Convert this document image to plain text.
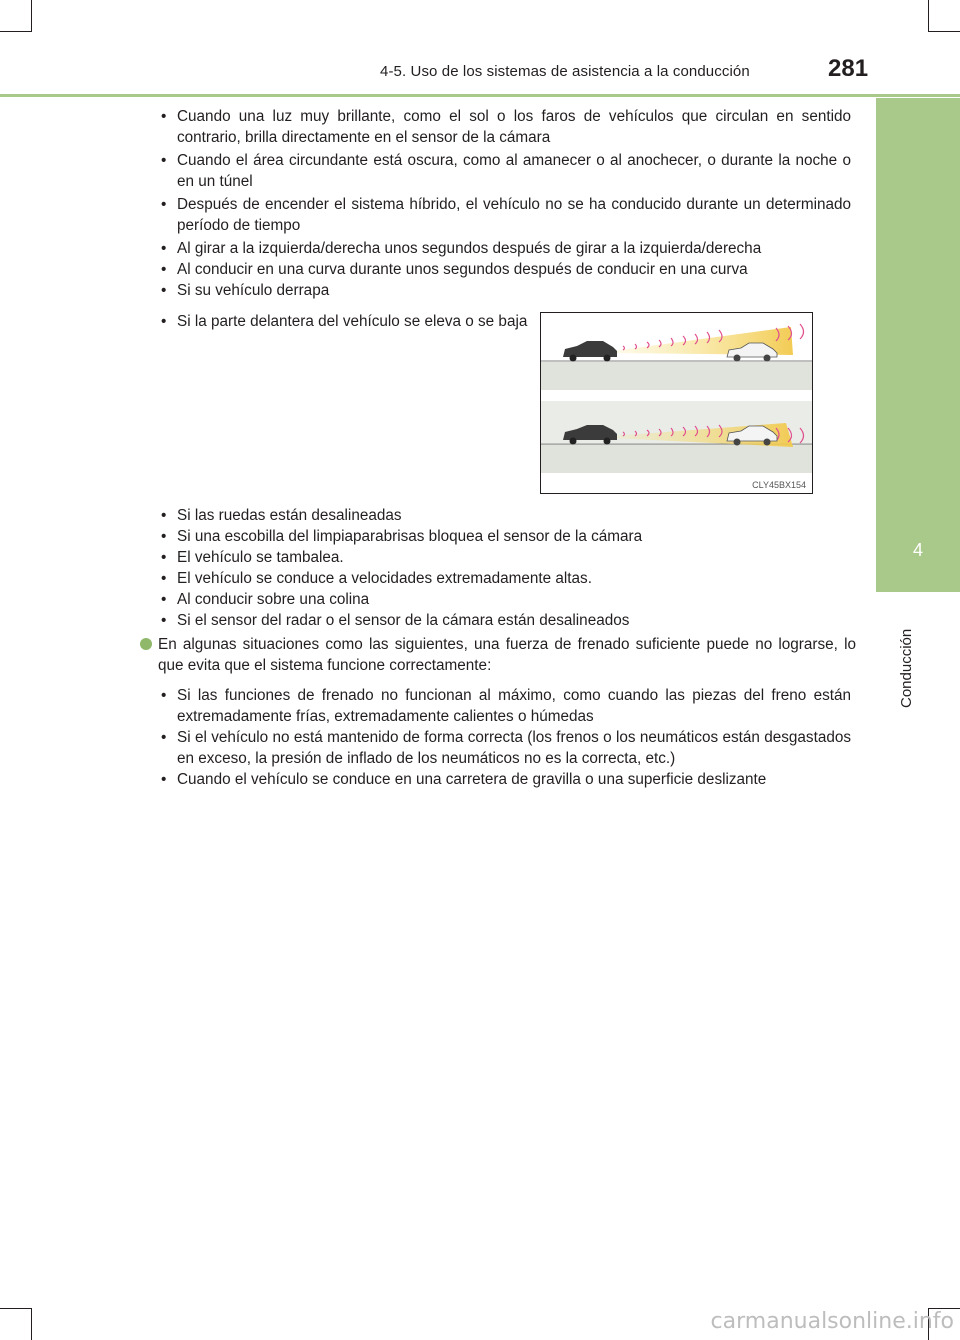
4-5. Uso de los sistemas de asistencia a la conducción	281
4
Conducción
• Cuando una luz muy brillante, como el sol o los faros de vehículos que circulan en sentido contrario, brilla directamente en el sensor de la cámara
• Cuando el área circundante está oscura, como al amanecer o al anochecer, o durante la noche o en un túnel
• Después de encender el sistema híbrido, el vehículo no se ha conducido durante un determinado período de tiempo
• Al girar a la izquierda/derecha unos segundos después de girar a la izquierda/derecha
• Al conducir en una curva durante unos segundos después de conducir en una curva
• Si su vehículo derrapa
• Si la parte delantera del vehículo se eleva o se baja
CLY45BX154
• Si las ruedas están desalineadas
• Si una escobilla del limpiaparabrisas bloquea el sensor de la cámara
• El vehículo se tambalea.
• El vehículo se conduce a velocidades extremadamente altas.
• Al conducir sobre una colina
• Si el sensor del radar o el sensor de la cámara están desalineados
En algunas situaciones como las siguientes, una fuerza de frenado suficiente puede no lograrse, lo que evita que el sistema funcione correctamente:
• Si las funciones de frenado no funcionan al máximo, como cuando las piezas del freno están extremadamente frías, extremadamente calientes o húmedas
• Si el vehículo no está mantenido de forma correcta (los frenos o los neumáticos están desgastados en exceso, la presión de inflado de los neumáticos no es la correcta, etc.)
• Cuando el vehículo se conduce en una carretera de gravilla o una superficie deslizante
carmanualsonline.info
